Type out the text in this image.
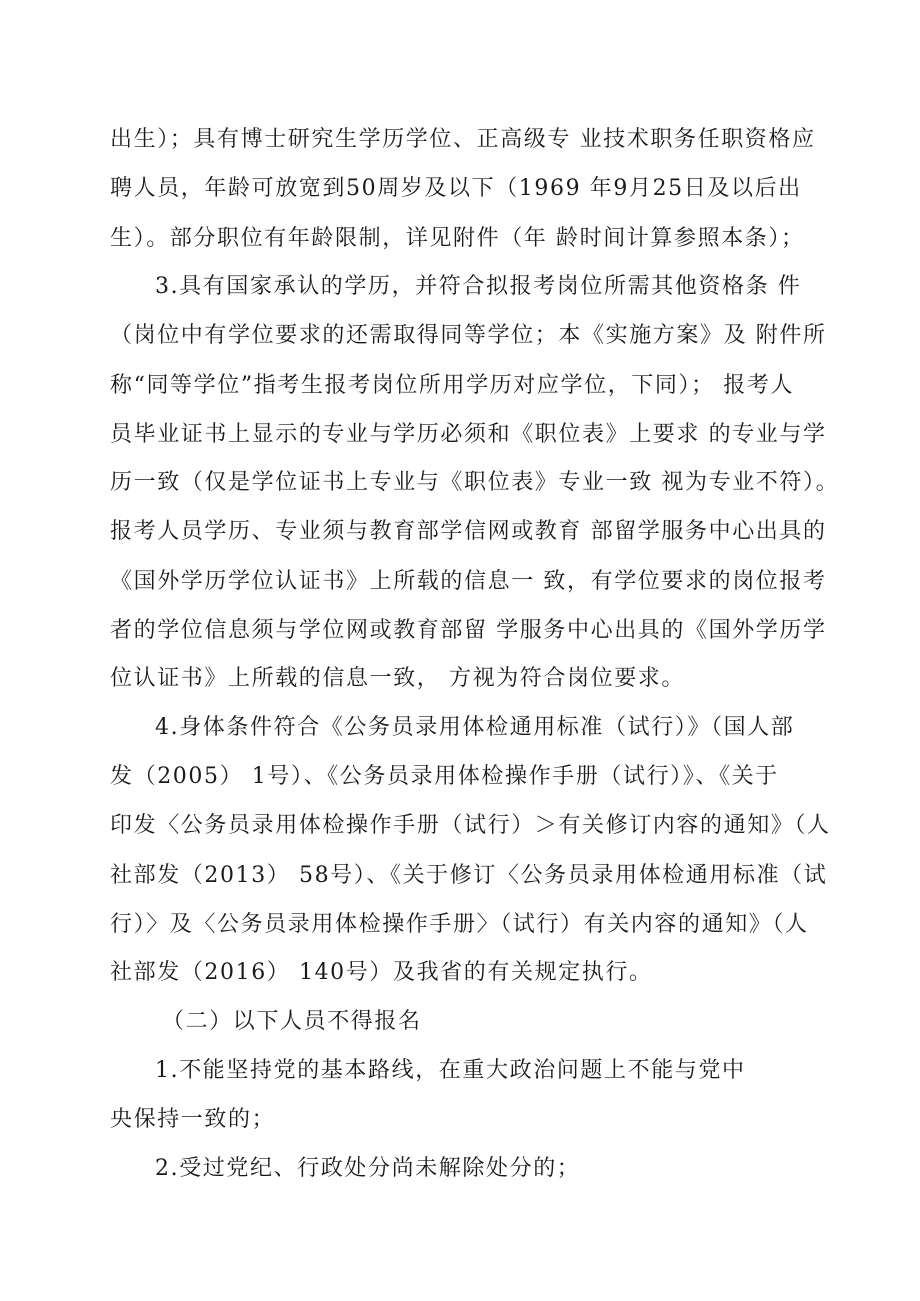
出生）；具有博士研究生学历学位、正高级专 业技术职务任职资格应
聘人员，年龄可放宽到50周岁及以下（1969 年9月25日及以后出
生）。部分职位有年龄限制，详见附件（年 龄时间计算参照本条）；
3.具有国家承认的学历，并符合拟报考岗位所需其他资格条 件
（岗位中有学位要求的还需取得同等学位；本《实施方案》及 附件所
称“同等学位”指考生报考岗位所用学历对应学位，下同）； 报考人
员毕业证书上显示的专业与学历必须和《职位表》上要求 的专业与学
历一致（仅是学位证书上专业与《职位表》专业一致 视为专业不符）。
报考人员学历、专业须与教育部学信网或教育 部留学服务中心出具的
《国外学历学位认证书》上所载的信息一 致，有学位要求的岗位报考
者的学位信息须与学位网或教育部留 学服务中心出具的《国外学历学
位认证书》上所载的信息一致， 方视为符合岗位要求。
4.身体条件符合《公务员录用体检通用标准（试行）》（国人部
发（2005） 1号）、《公务员录用体检操作手册（试行）》、《关于
印发〈公务员录用体检操作手册（试行）＞有关修订内容的通知》（人
社部发（2013） 58号）、《关于修订〈公务员录用体检通用标准（试
行）〉及〈公务员录用体检操作手册〉（试行）有关内容的通知》（人
社部发（2016） 140号）及我省的有关规定执行。
（二）以下人员不得报名
1.不能坚持党的基本路线，在重大政治问题上不能与党中
央保持一致的；
2.受过党纪、行政处分尚未解除处分的；
